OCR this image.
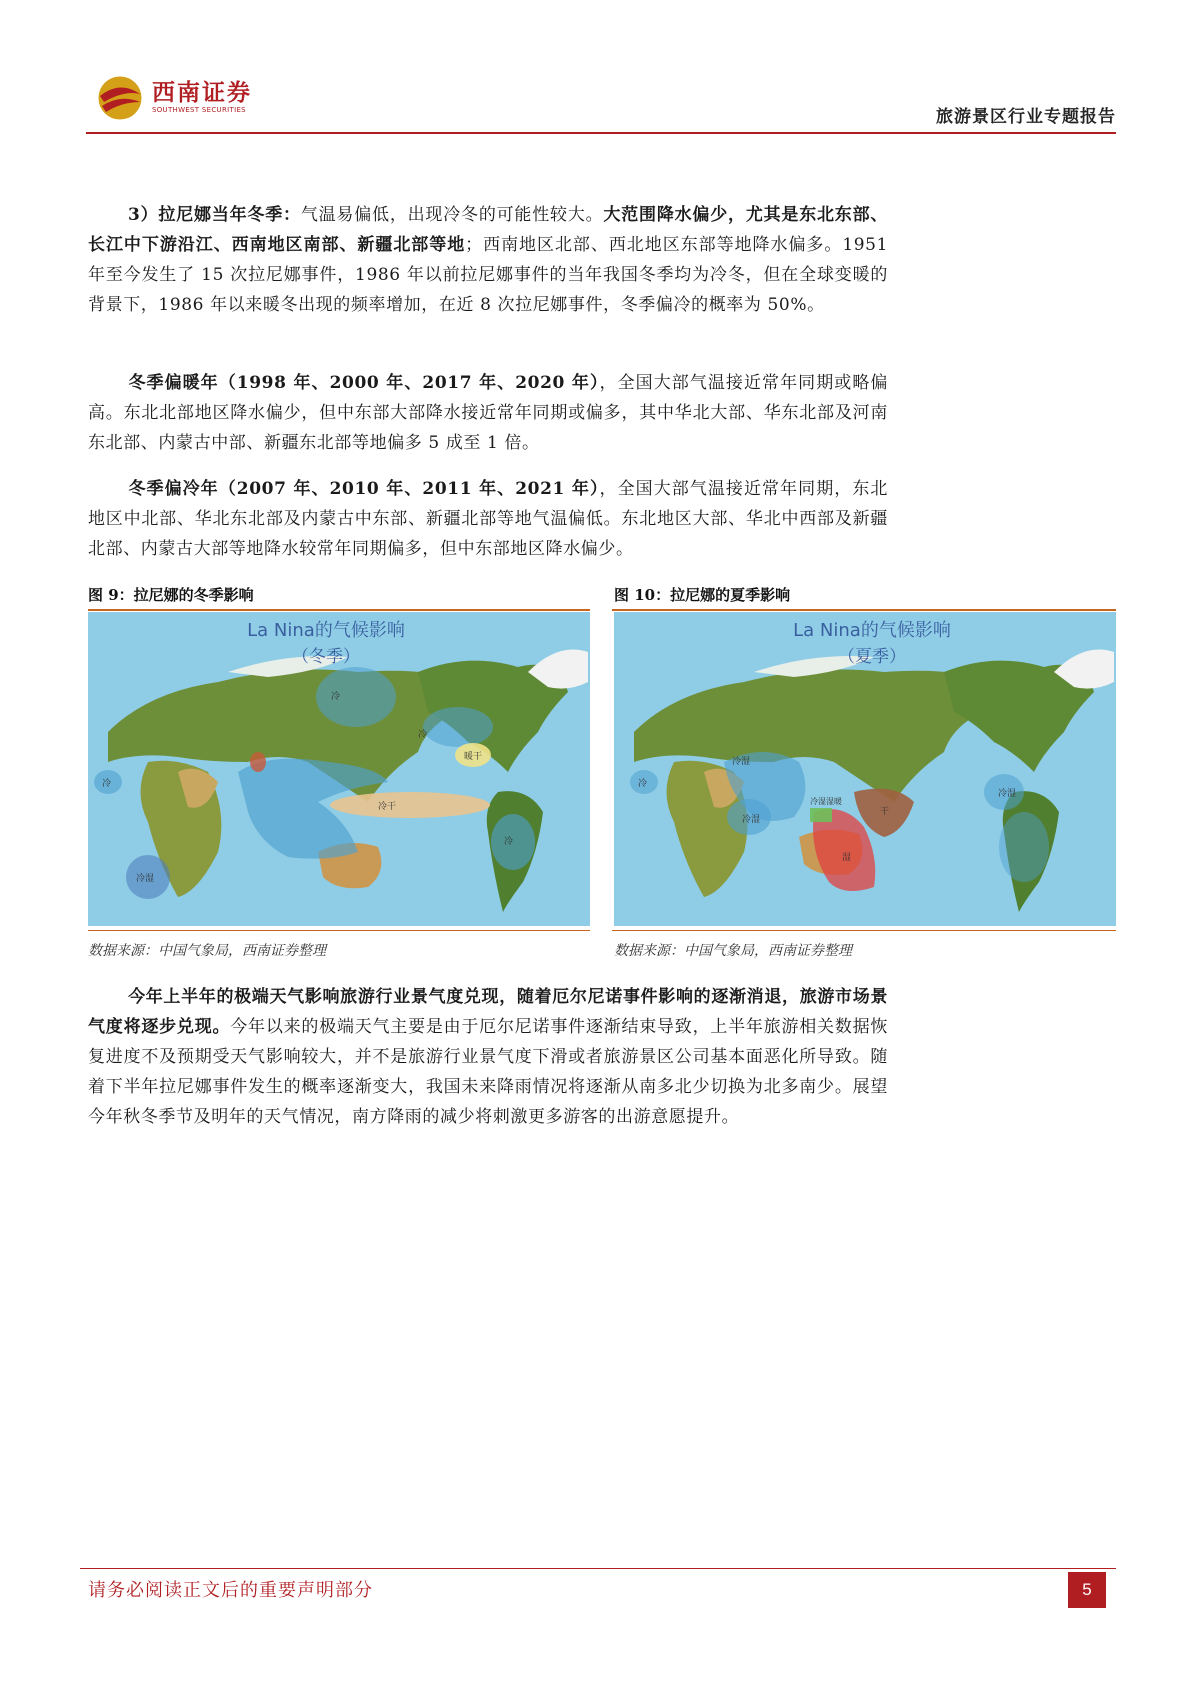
西南证券
SOUTHWEST SECURITIES	旅游景区行业专题报告
3）拉尼娜当年冬季：气温易偏低，出现冷冬的可能性较大。大范围降水偏少，尤其是东北东部、长江中下游沿江、西南地区南部、新疆北部等地；西南地区北部、西北地区东部等地降水偏多。1951 年至今发生了 15 次拉尼娜事件，1986 年以前拉尼娜事件的当年我国冬季均为冷冬，但在全球变暖的背景下，1986 年以来暖冬出现的频率增加，在近 8 次拉尼娜事件，冬季偏冷的概率为 50%。
冬季偏暖年（1998 年、2000 年、2017 年、2020 年），全国大部气温接近常年同期或略偏高。东北北部地区降水偏少，但中东部大部降水接近常年同期或偏多，其中华北大部、华东北部及河南东北部、内蒙古中部、新疆东北部等地偏多 5 成至 1 倍。
冬季偏冷年（2007 年、2010 年、2011 年、2021 年），全国大部气温接近常年同期，东北地区中北部、华北东北部及内蒙古中东部、新疆北部等地气温偏低。东北地区大部、华北中西部及新疆北部、内蒙古大部等地降水较常年同期偏多，但中东部地区降水偏少。
图 9：拉尼娜的冬季影响
冷
冷
暖干
冷干
冷
冷湿
冷
La Nina的气候影响
（冬季）
数据来源：中国气象局，西南证券整理
图 10：拉尼娜的夏季影响
冷湿
冷湿
冷湿湿暖
干
湿
冷
冷湿
La Nina的气候影响
（夏季）
数据来源：中国气象局，西南证券整理
今年上半年的极端天气影响旅游行业景气度兑现，随着厄尔尼诺事件影响的逐渐消退，旅游市场景气度将逐步兑现。今年以来的极端天气主要是由于厄尔尼诺事件逐渐结束导致，上半年旅游相关数据恢复进度不及预期受天气影响较大，并不是旅游行业景气度下滑或者旅游景区公司基本面恶化所导致。随着下半年拉尼娜事件发生的概率逐渐变大，我国未来降雨情况将逐渐从南多北少切换为北多南少。展望今年秋冬季节及明年的天气情况，南方降雨的减少将刺激更多游客的出游意愿提升。
请务必阅读正文后的重要声明部分	5
